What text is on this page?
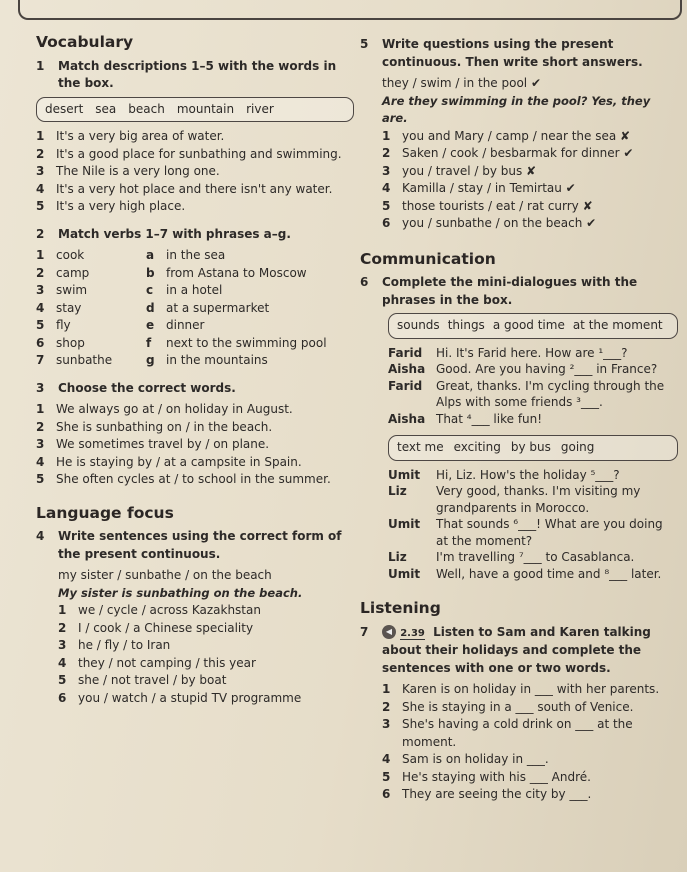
Vocabulary
1	Match descriptions 1–5 with the words in the box.
desert sea beach mountain river
1 It's a very big area of water.
2 It's a good place for sunbathing and swimming.
3 The Nile is a very long one.
4 It's a very hot place and there isn't any water.
5 It's a very high place.
2	Match verbs 1–7 with phrases a–g.
1 cook	a in the sea
2 camp	b from Astana to Moscow
3 swim	c	in a hotel
4 stay	d at a supermarket
5 fly	e dinner
6 shop	f	next to the swimming pool
7 sunbathe	g in the mountains
3	Choose the correct words.
1 We always go at / on holiday in August.
2 She is sunbathing on / in the beach.
3 We sometimes travel by / on plane.
4 He is staying by / at a campsite in Spain.
5 She often cycles at / to school in the summer.
Language focus
4	Write sentences using the correct form of the present continuous.
my sister / sunbathe / on the beach
My sister is sunbathing on the beach.
1 we / cycle / across Kazakhstan
2 I / cook / a Chinese speciality
3 he / fly / to Iran
4 they / not camping / this year
5 she / not travel / by boat
6 you / watch / a stupid TV programme
5	Write questions using the present continuous. Then write short answers.
they / swim / in the pool ✔
Are they swimming in the pool? Yes, they are.
1 you and Mary / camp / near the sea ✘
2 Saken / cook / besbarmak for dinner ✔
3 you / travel / by bus ✘
4 Kamilla / stay / in Temirtau ✔
5 those tourists / eat / rat curry ✘
6 you / sunbathe / on the beach ✔
Communication
6	Complete the mini-dialogues with the phrases in the box.
sounds things a good time at the moment
Farid	Hi. It's Farid here. How are ¹___?
Aisha Good. Are you having ²___ in France?
Farid	Great, thanks. I'm cycling through the Alps with some friends ³___.
Aisha That ⁴___ like fun!
text me exciting by bus going
Umit	Hi, Liz. How's the holiday ⁵___?
Liz	Very good, thanks. I'm visiting my grandparents in Morocco.
Umit	That sounds ⁶___! What are you doing at the moment?
Liz	I'm travelling ⁷___ to Casablanca.
Umit	Well, have a good time and ⁸___ later.
Listening
7	◀ 2.39 Listen to Sam and Karen talking about their holidays and complete the sentences with one or two words.
1 Karen is on holiday in ___ with her parents.
2 She is staying in a ___ south of Venice.
3 She's having a cold drink on ___ at the moment.
4 Sam is on holiday in ___.
5 He's staying with his ___ André.
6 They are seeing the city by ___.
